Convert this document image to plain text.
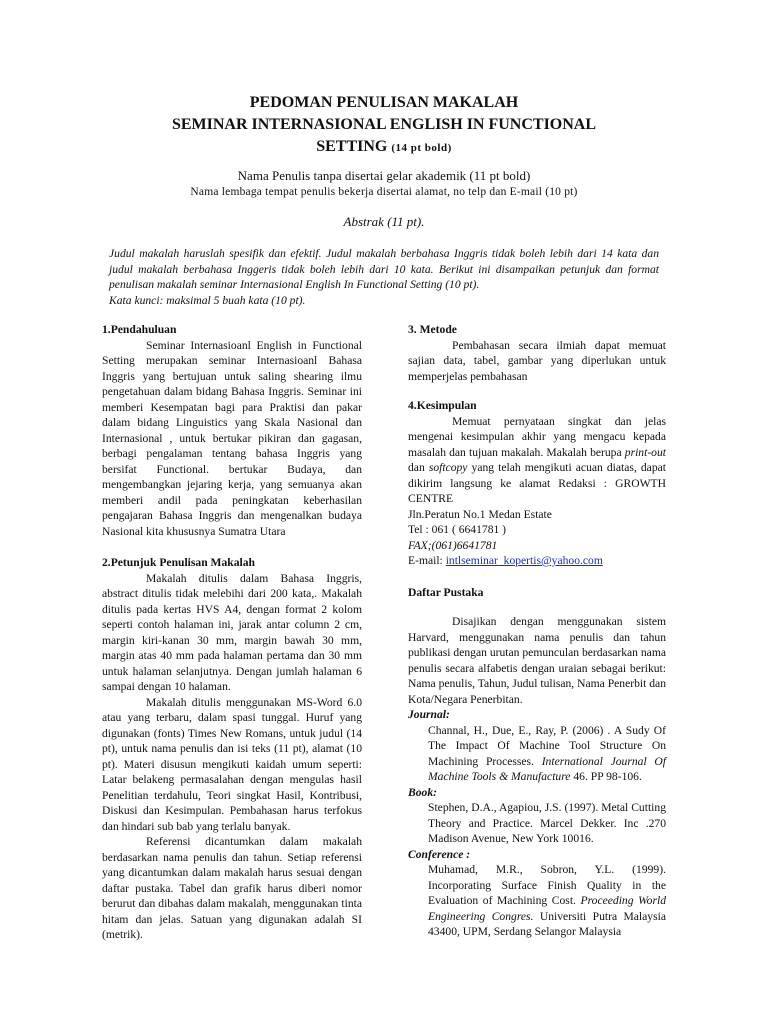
PEDOMAN PENULISAN MAKALAH
SEMINAR INTERNASIONAL ENGLISH IN FUNCTIONAL
SETTING (14 pt bold)
Nama Penulis tanpa disertai gelar akademik (11 pt bold)
Nama lembaga tempat penulis bekerja disertai alamat, no telp dan E-mail (10 pt)
Abstrak (11 pt).

Judul makalah haruslah spesifik dan efektif. Judul makalah berbahasa Inggris tidak boleh lebih dari 14 kata dan judul makalah berbahasa Inggeris tidak boleh lebih dari 10 kata. Berikut ini disampaikan petunjuk dan format penulisan makalah seminar Internasional English In Functional Setting (10 pt).

Kata kunci: maksimal 5 buah kata (10 pt).

1.Pendahuluan

Seminar Internasioanl English in Functional Setting merupakan seminar Internasioanl Bahasa Inggris yang bertujuan untuk saling shearing ilmu pengetahuan dalam bidang Bahasa Inggris. Seminar ini memberi Kesempatan bagi para Praktisi dan pakar dalam bidang Linguistics yang Skala Nasional dan Internasional , untuk bertukar pikiran dan gagasan, berbagi pengalaman tentang bahasa Inggris yang bersifat Functional. bertukar Budaya, dan mengembangkan jejaring kerja, yang semuanya akan memberi andil pada peningkatan keberhasilan pengajaran Bahasa Inggris dan mengenalkan budaya Nasional kita khususnya Sumatra Utara

2.Petunjuk Penulisan Makalah

Makalah ditulis dalam Bahasa Inggris, abstract ditulis tidak melebihi dari 200 kata,. Makalah ditulis pada kertas HVS A4, dengan format 2 kolom seperti contoh halaman ini, jarak antar column 2 cm, margin kiri-kanan 30 mm, margin bawah 30 mm, margin atas 40 mm pada halaman pertama dan 30 mm untuk halaman selanjutnya. Dengan jumlah halaman 6 sampai dengan 10 halaman.

Makalah ditulis menggunakan MS-Word 6.0 atau yang terbaru, dalam spasi tunggal. Huruf yang digunakan (fonts) Times New Romans, untuk judul (14 pt), untuk nama penulis dan isi teks (11 pt), alamat (10 pt). Materi disusun mengikuti kaidah umum seperti: Latar belakeng permasalahan dengan mengulas hasil Penelitian terdahulu, Teori singkat Hasil, Kontribusi, Diskusi dan Kesimpulan. Pembahasan harus terfokus dan hindari sub bab yang terlalu banyak.

Referensi dicantumkan dalam makalah berdasarkan nama penulis dan tahun. Setiap referensi yang dicantumkan dalam makalah harus sesuai dengan daftar pustaka. Tabel dan grafik harus diberi nomor berurut dan dibahas dalam makalah, menggunakan tinta hitam dan jelas. Satuan yang digunakan adalah SI (metrik).

3. Metode

Pembahasan secara ilmiah dapat memuat sajian data, tabel, gambar yang diperlukan untuk memperjelas pembahasan

4.Kesimpulan

Memuat pernyataan singkat dan jelas mengenai kesimpulan akhir yang mengacu kepada masalah dan tujuan makalah. Makalah berupa print-out dan softcopy yang telah mengikuti acuan diatas, dapat dikirim langsung ke alamat Redaksi : GROWTH CENTRE

Jln.Peratun No.1 Medan Estate

Tel : 061 ( 6641781 )

FAX;(061)6641781

E-mail: intlseminar_kopertis@yahoo.com

Daftar Pustaka

Disajikan dengan menggunakan sistem Harvard, menggunakan nama penulis dan tahun publikasi dengan urutan pemunculan berdasarkan nama penulis secara alfabetis dengan uraian sebagai berikut: Nama penulis, Tahun, Judul tulisan, Nama Penerbit dan Kota/Negara Penerbitan.

Journal:

Channal, H., Due, E., Ray, P. (2006) . A Sudy Of The Impact Of Machine Tool Structure On Machining Processes. International Journal Of Machine Tools & Manufacture 46. PP 98-106.

Book:

Stephen, D.A., Agapiou, J.S. (1997). Metal Cutting Theory and Practice. Marcel Dekker. Inc .270 Madison Avenue, New York 10016.

Conference :

Muhamad, M.R., Sobron, Y.L. (1999). Incorporating Surface Finish Quality in the Evaluation of Machining Cost. Proceeding World Engineering Congres. Universiti Putra Malaysia 43400, UPM, Serdang Selangor Malaysia
